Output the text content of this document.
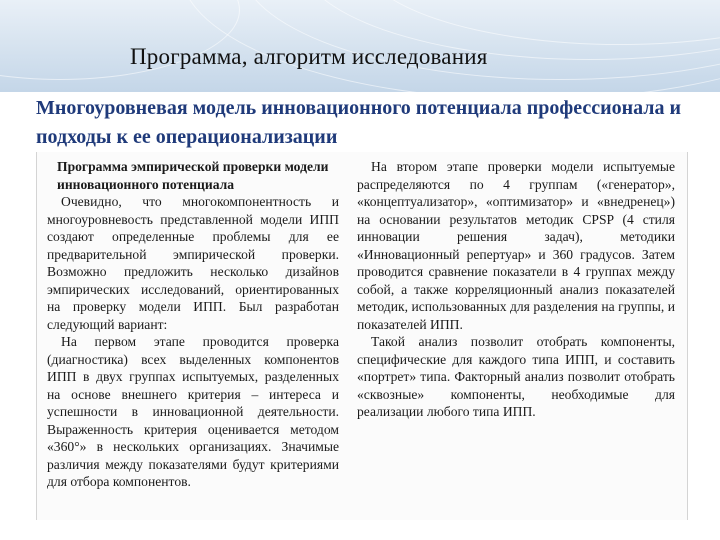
Программа, алгоритм исследования
Многоуровневая модель инновационного потенциала профессионала и подходы к ее операционализации

Программа эмпирической проверки модели инновационного потенциала

Очевидно, что многокомпонентность и многоуровневость представленной модели ИПП создают определенные проблемы для ее предварительной эмпирической проверки. Возможно предложить несколько дизайнов эмпирических исследований, ориентированных на проверку модели ИПП. Был разработан следующий вариант:

На первом этапе проводится проверка (диагностика) всех выделенных компонентов ИПП в двух группах испытуемых, разделенных на основе внешнего критерия – интереса и успешности в инновационной деятельности. Выраженность критерия оценивается методом «360°» в нескольких организациях. Значимые различия между показателями будут критериями для отбора компонентов.

На втором этапе проверки модели испытуемые распределяются по 4 группам («генератор», «концептуализатор», «оптимизатор» и «внедренец») на основании результатов методик CPSP (4 стиля инновации решения задач), методики «Инновационный репертуар» и 360 градусов. Затем проводится сравнение показатели в 4 группах между собой, а также корреляционный анализ показателей методик, использованных для разделения на группы, и показателей ИПП.

Такой анализ позволит отобрать компоненты, специфические для каждого типа ИПП, и составить «портрет» типа. Факторный анализ позволит отобрать «сквозные» компоненты, необходимые для реализации любого типа ИПП.
